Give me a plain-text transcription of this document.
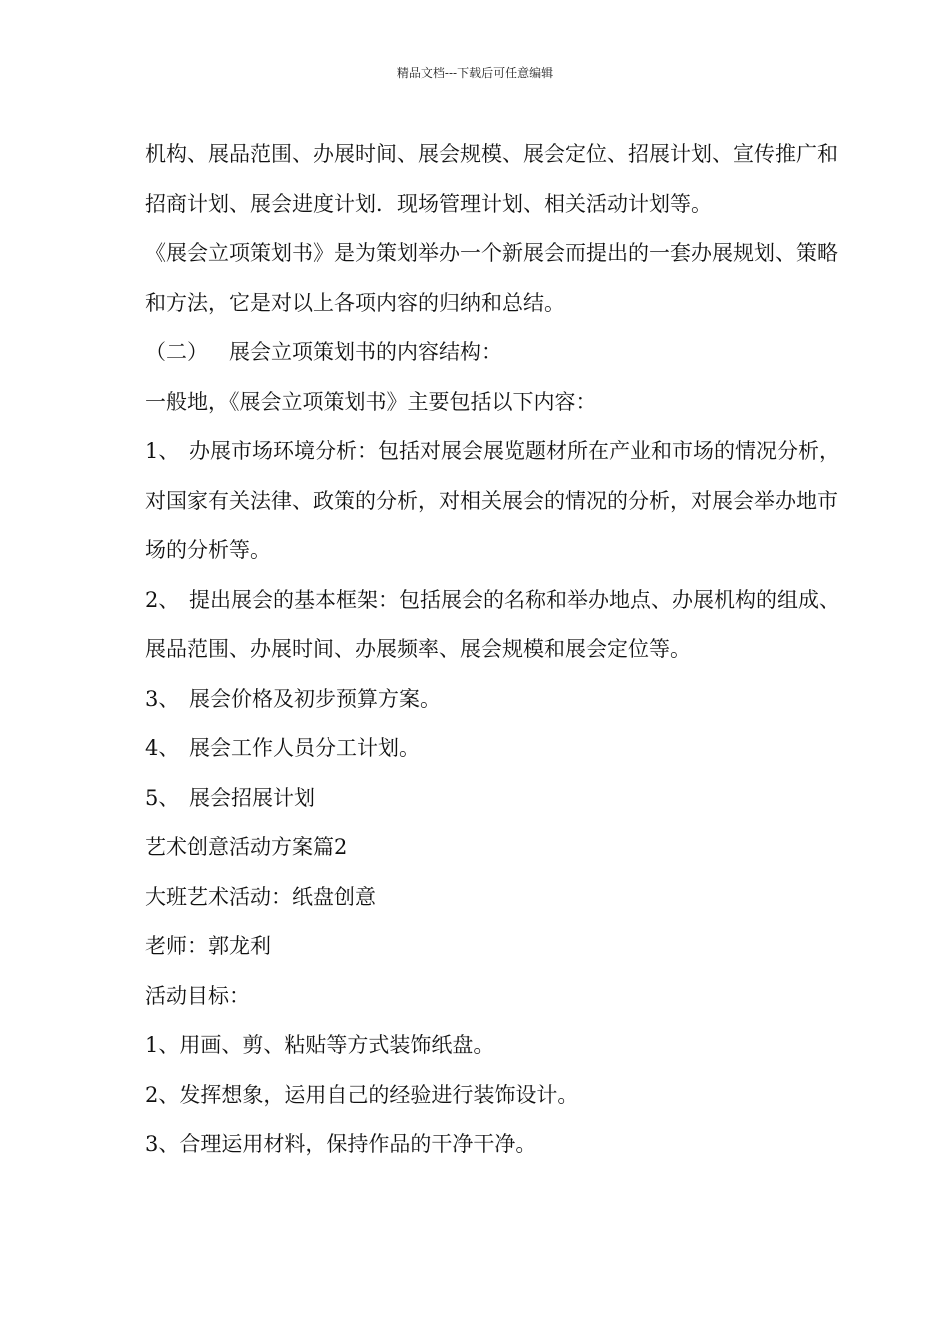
精品文档---下载后可任意编辑

机构、展品范围、办展时间、展会规模、展会定位、招展计划、宣传推广和招商计划、展会进度计划．现场管理计划、相关活动计划等。

《展会立项策划书》是为策划举办一个新展会而提出的一套办展规划、策略和方法，它是对以上各项内容的归纳和总结。

（二） 展会立项策划书的内容结构：

一般地，《展会立项策划书》主要包括以下内容：

1、 办展市场环境分析：包括对展会展览题材所在产业和市场的情况分析，对国家有关法律、政策的分析，对相关展会的情况的分析，对展会举办地市场的分析等。
2、 提出展会的基本框架：包括展会的名称和举办地点、办展机构的组成、展品范围、办展时间、办展频率、展会规模和展会定位等。
3、 展会价格及初步预算方案。
4、 展会工作人员分工计划。
5、 展会招展计划

艺术创意活动方案篇2

大班艺术活动：纸盘创意

老师：郭龙利

活动目标：

1、用画、剪、粘贴等方式装饰纸盘。

2、发挥想象，运用自己的经验进行装饰设计。

3、合理运用材料，保持作品的干净干净。
